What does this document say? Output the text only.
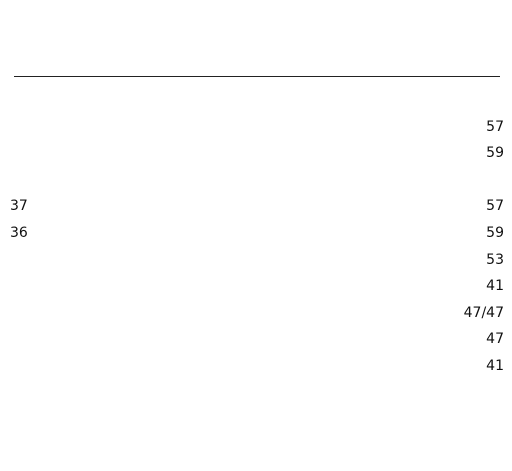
57
59
57 37
59 36
53
41
47/47
47
41
